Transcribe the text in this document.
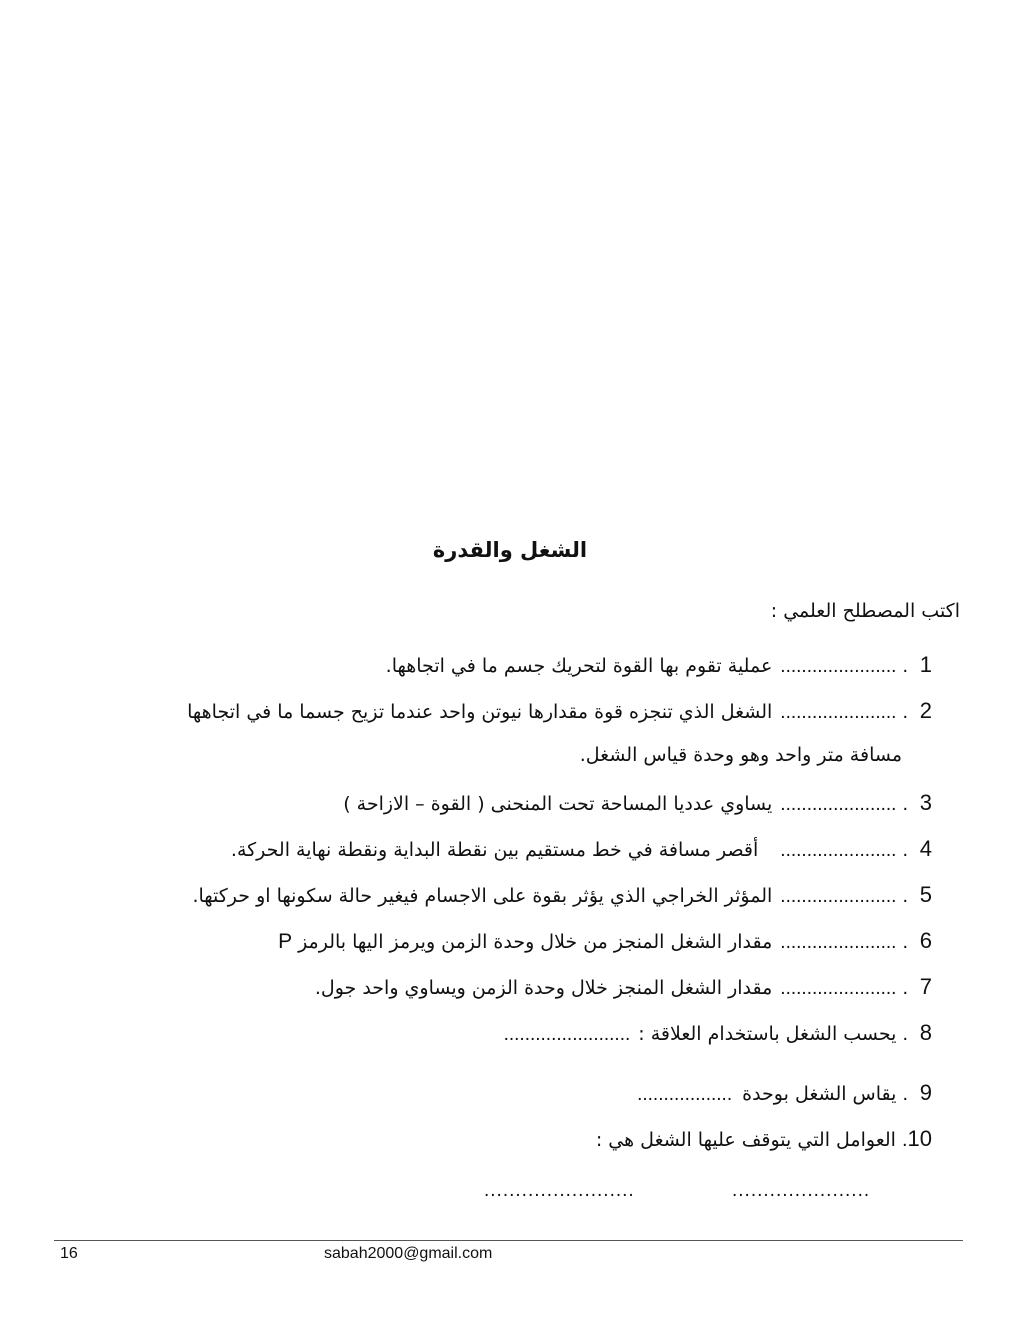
الشغل والقدرة
اكتب المصطلح العلمي :
1.......................عملية تقوم بها القوة لتحريك جسم ما في اتجاهها.
2.......................الشغل الذي تنجزه قوة مقدارها نيوتن واحد عندما تزيح جسما ما في اتجاهها
مسافة متر واحد وهو وحدة قياس الشغل.
3.......................يساوي عدديا المساحة تحت المنحنى ( القوة – الازاحة )
4.......................أقصر مسافة في خط مستقيم بين نقطة البداية ونقطة نهاية الحركة.
5.......................المؤثر الخراجي الذي يؤثر بقوة على الاجسام فيغير حالة سكونها او حركتها.
6.......................مقدار الشغل المنجز من خلال وحدة الزمن ويرمز اليها بالرمزP
7.......................مقدار الشغل المنجز خلال وحدة الزمن ويساوي واحد جول.
8.يحسب الشغل باستخدام العلاقة :........................
9.يقاس الشغل بوحدة..................
10.العوامل التي يتوقف عليها الشغل هي :
......................
........................
16	sabah2000@gmail.com
